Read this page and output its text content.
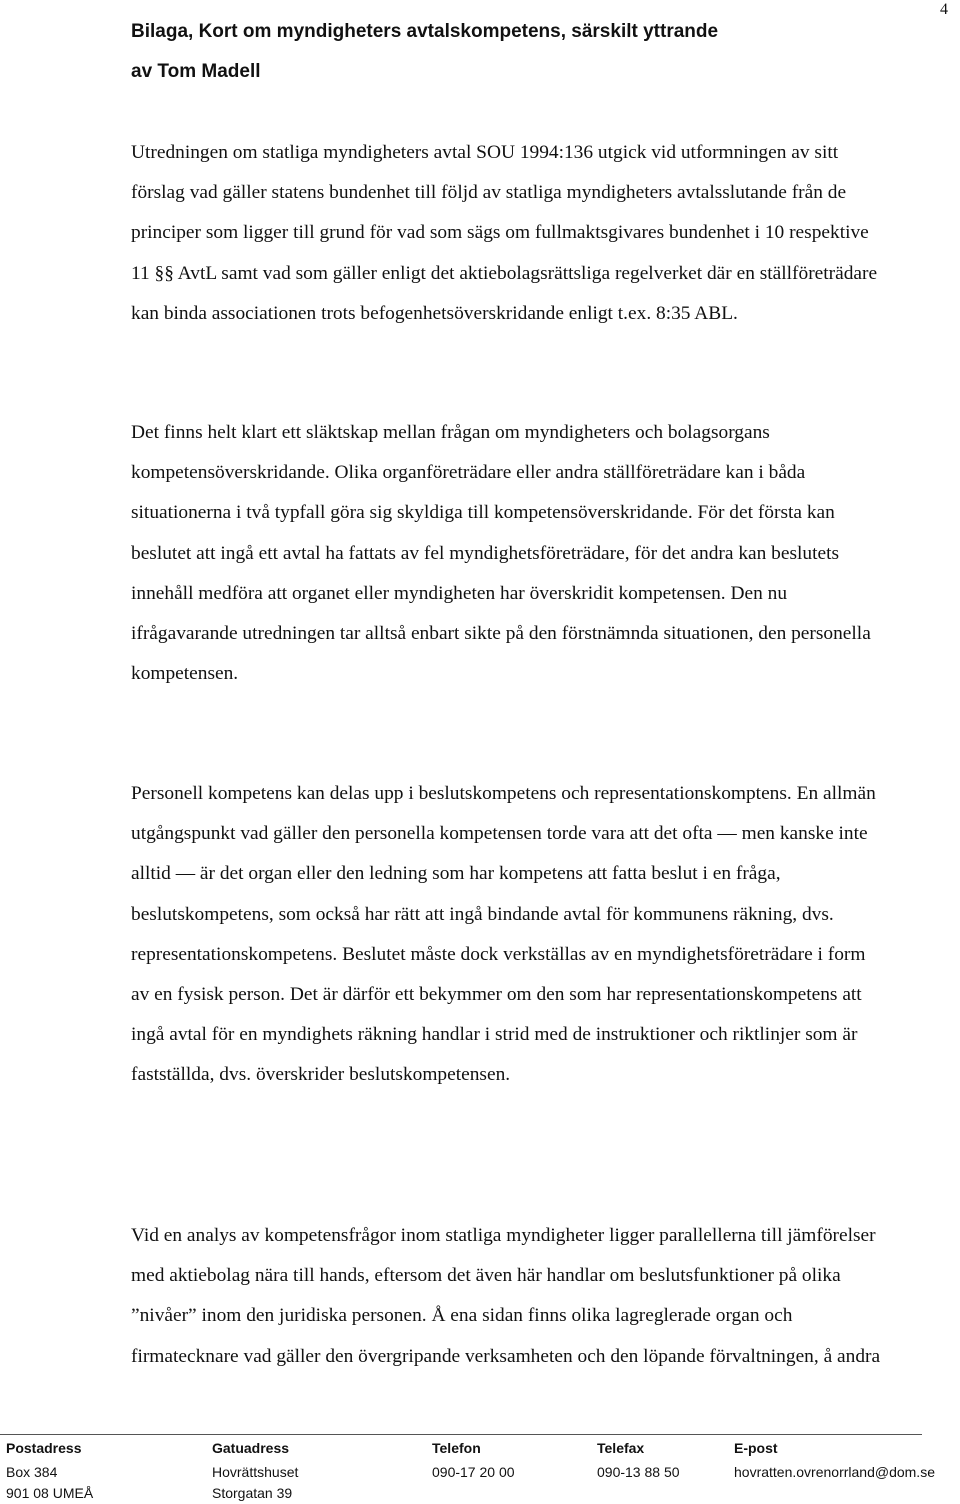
4
Bilaga, Kort om myndigheters avtalskompetens, särskilt yttrande
av Tom Madell

Utredningen om statliga myndigheters avtal SOU 1994:136 utgick vid utformningen av sitt förslag vad gäller statens bundenhet till följd av statliga myndigheters avtalsslutande från de principer som ligger till grund för vad som sägs om fullmaktsgivares bundenhet i 10 respektive 11 §§ AvtL samt vad som gäller enligt det aktiebolagsrättsliga regelverket där en ställföreträdare kan binda associationen trots befogenhetsöverskridande enligt t.ex. 8:35 ABL.

Det finns helt klart ett släktskap mellan frågan om myndigheters och bolagsorgans kompetensöverskridande. Olika organföreträdare eller andra ställföreträdare kan i båda situationerna i två typfall göra sig skyldiga till kompetensöverskridande. För det första kan beslutet att ingå ett avtal ha fattats av fel myndighetsföreträdare, för det andra kan beslutets innehåll medföra att organet eller myndigheten har överskridit kompetensen. Den nu ifrågavarande utredningen tar alltså enbart sikte på den förstnämnda situationen, den personella kompetensen.

Personell kompetens kan delas upp i beslutskompetens och representationskomptens. En allmän utgångspunkt vad gäller den personella kompetensen torde vara att det ofta — men kanske inte alltid — är det organ eller den ledning som har kompetens att fatta beslut i en fråga, beslutskompetens, som också har rätt att ingå bindande avtal för kommunens räkning, dvs. representationskompetens. Beslutet måste dock verkställas av en myndighetsföreträdare i form av en fysisk person. Det är därför ett bekymmer om den som har representationskompetens att ingå avtal för en myndighets räkning handlar i strid med de instruktioner och riktlinjer som är fastställda, dvs. överskrider beslutskompetensen.

Vid en analys av kompetensfrågor inom statliga myndigheter ligger parallellerna till jämförelser med aktiebolag nära till hands, eftersom det även här handlar om beslutsfunktioner på olika ”nivåer” inom den juridiska personen. Å ena sidan finns olika lagreglerade organ och firmatecknare vad gäller den övergripande verksamheten och den löpande förvaltningen, å andra

Postadress
Box 384
901 08 UMEÅ
Gatuadress
Hovrättshuset
Storgatan 39
Telefon
090-17 20 00
Telefax
090-13 88 50
E-post
hovratten.ovrenorrland@dom.se
